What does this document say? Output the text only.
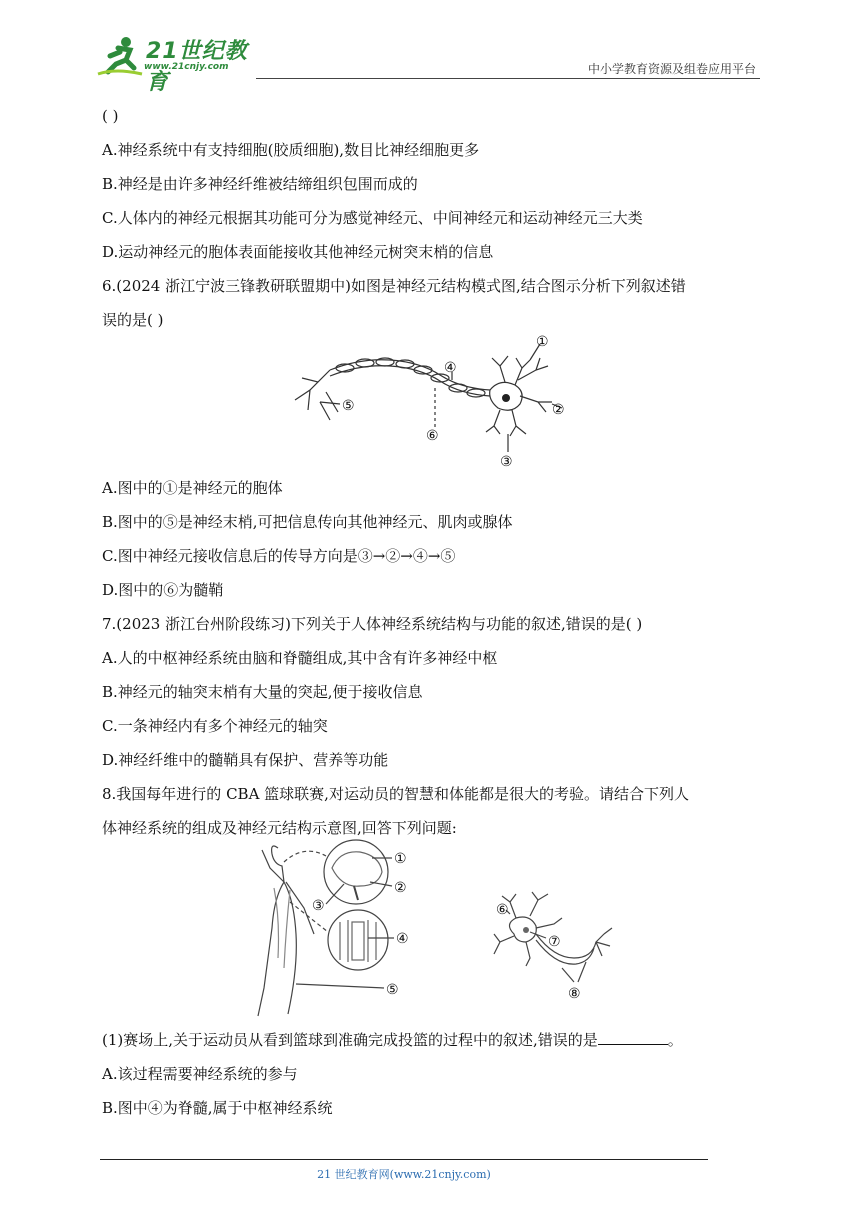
21世纪教育
www.21cnjy.com	中小学教育资源及组卷应用平台
( )
A.神经系统中有支持细胞(胶质细胞),数目比神经细胞更多
B.神经是由许多神经纤维被结缔组织包围而成的
C.人体内的神经元根据其功能可分为感觉神经元、中间神经元和运动神经元三大类
D.运动神经元的胞体表面能接收其他神经元树突末梢的信息
6.(2024 浙江宁波三锋教研联盟期中)如图是神经元结构模式图,结合图示分析下列叙述错
误的是( )
①
②
③
④
⑤
⑥
A.图中的①是神经元的胞体
B.图中的⑤是神经末梢,可把信息传向其他神经元、肌肉或腺体
C.图中神经元接收信息后的传导方向是③→②→④→⑤
D.图中的⑥为髓鞘
7.(2023 浙江台州阶段练习)下列关于人体神经系统结构与功能的叙述,错误的是( )
A.人的中枢神经系统由脑和脊髓组成,其中含有许多神经中枢
B.神经元的轴突末梢有大量的突起,便于接收信息
C.一条神经内有多个神经元的轴突
D.神经纤维中的髓鞘具有保护、营养等功能
8.我国每年进行的 CBA 篮球联赛,对运动员的智慧和体能都是很大的考验。请结合下列人
体神经系统的组成及神经元结构示意图,回答下列问题:
①
②
③
④
⑤
⑥
⑦
⑧
(1)赛场上,关于运动员从看到篮球到准确完成投篮的过程中的叙述,错误的是	。
A.该过程需要神经系统的参与
B.图中④为脊髓,属于中枢神经系统
21 世纪教育网(www.21cnjy.com)
